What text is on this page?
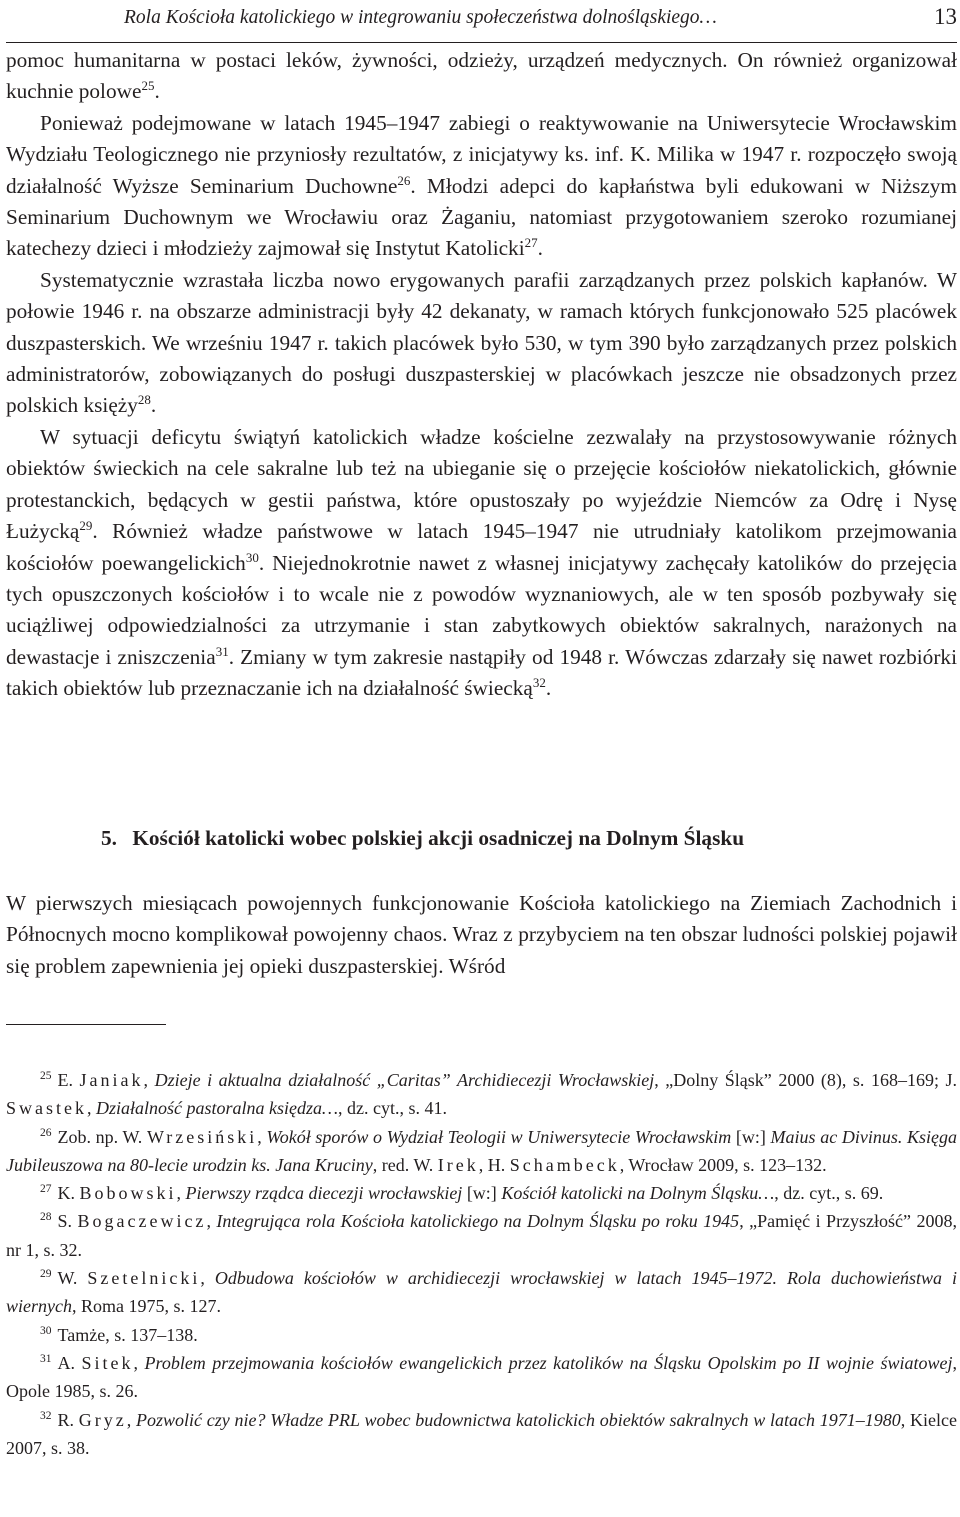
Rola Kościoła katolickiego w integrowaniu społeczeństwa dolnośląskiego…	13

pomoc humanitarna w postaci leków, żywności, odzieży, urządzeń medycznych. On również organizował kuchnie polowe$^{25}$.

Ponieważ podejmowane w latach 1945–1947 zabiegi o reaktywowanie na Uniwersytecie Wrocławskim Wydziału Teologicznego nie przyniosły rezultatów, z inicjatywy ks. inf. K. Milika w 1947 r. rozpoczęło swoją działalność Wyższe Seminarium Duchowne$^{26}$. Młodzi adepci do kapłaństwa byli edukowani w Niższym Seminarium Duchownym we Wrocławiu oraz Żaganiu, natomiast przygotowaniem szeroko rozumianej katechezy dzieci i młodzieży zajmował się Instytut Katolicki$^{27}$.

Systematycznie wzrastała liczba nowo erygowanych parafii zarządzanych przez polskich kapłanów. W połowie 1946 r. na obszarze administracji były 42 dekanaty, w ramach których funkcjonowało 525 placówek duszpasterskich. We wrześniu 1947 r. takich placówek było 530, w tym 390 było zarządzanych przez polskich administratorów, zobowiązanych do posługi duszpasterskiej w placówkach jeszcze nie obsadzonych przez polskich księży$^{28}$.

W sytuacji deficytu świątyń katolickich władze kościelne zezwalały na przystosowywanie różnych obiektów świeckich na cele sakralne lub też na ubieganie się o przejęcie kościołów niekatolickich, głównie protestanckich, będących w gestii państwa, które opustoszały po wyjeździe Niemców za Odrę i Nysę Łużycką$^{29}$. Również władze państwowe w latach 1945–1947 nie utrudniały katolikom przejmowania kościołów poewangelickich$^{30}$. Niejednokrotnie nawet z własnej inicjatywy zachęcały katolików do przejęcia tych opuszczonych kościołów i to wcale nie z powodów wyznaniowych, ale w ten sposób pozbywały się uciążliwej odpowiedzialności za utrzymanie i stan zabytkowych obiektów sakralnych, narażonych na dewastacje i zniszczenia$^{31}$. Zmiany w tym zakresie nastąpiły od 1948 r. Wówczas zdarzały się nawet rozbiórki takich obiektów lub przeznaczanie ich na działalność świecką$^{32}$.

5. Kościół katolicki wobec polskiej akcji osadniczej na Dolnym Śląsku

W pierwszych miesiącach powojennych funkcjonowanie Kościoła katolickiego na Ziemiach Zachodnich i Północnych mocno komplikował powojenny chaos. Wraz z przybyciem na ten obszar ludności polskiej pojawił się problem zapewnienia jej opieki duszpasterskiej. Wśród

$^{25}$ E. Janiak, Dzieje i aktualna działalność „Caritas” Archidiecezji Wrocławskiej, „Dolny Śląsk” 2000 (8), s. 168–169; J. Swastek, Działalność pastoralna księdza…, dz. cyt., s. 41.

$^{26}$ Zob. np. W. Wrzesiński, Wokół sporów o Wydział Teologii w Uniwersytecie Wrocławskim [w:] Maius ac Divinus. Księga Jubileuszowa na 80-lecie urodzin ks. Jana Kruciny, red. W. Irek, H. Schambeck, Wrocław 2009, s. 123–132.

$^{27}$ K. Bobowski, Pierwszy rządca diecezji wrocławskiej [w:] Kościół katolicki na Dolnym Śląsku…, dz. cyt., s. 69.

$^{28}$ S. Bogaczewicz, Integrująca rola Kościoła katolickiego na Dolnym Śląsku po roku 1945, „Pamięć i Przyszłość” 2008, nr 1, s. 32.

$^{29}$ W. Szetelnicki, Odbudowa kościołów w archidiecezji wrocławskiej w latach 1945–1972. Rola duchowieństwa i wiernych, Roma 1975, s. 127.

$^{30}$ Tamże, s. 137–138.

$^{31}$ A. Sitek, Problem przejmowania kościołów ewangelickich przez katolików na Śląsku Opolskim po II wojnie światowej, Opole 1985, s. 26.

$^{32}$ R. Gryz, Pozwolić czy nie? Władze PRL wobec budownictwa katolickich obiektów sakralnych w latach 1971–1980, Kielce 2007, s. 38.
